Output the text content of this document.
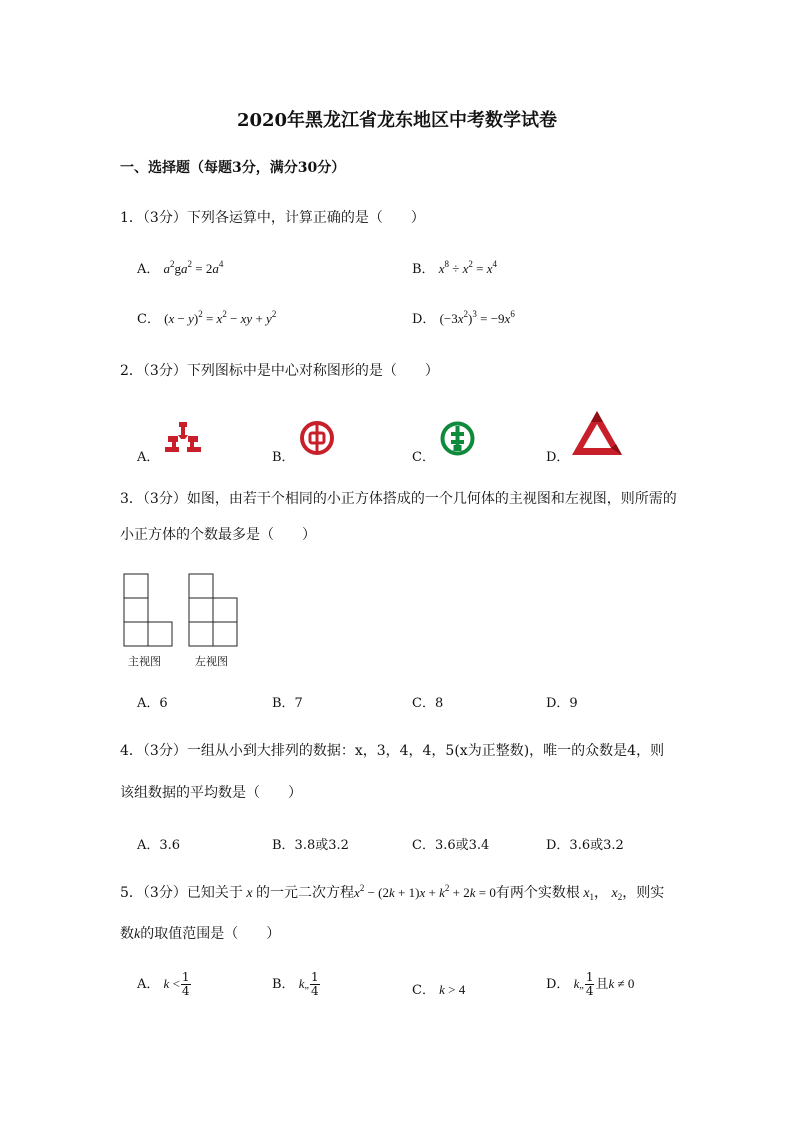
2020年黑龙江省龙东地区中考数学试卷
一、选择题（每题3分，满分30分）
1．（3分）下列各运算中，计算正确的是（　　）
A． $a^2ga^2 = 2a^4$	B． $x^8 \div x^2 = x^4$
C． $(x - y)^2 = x^2$ − xy + $y^2$	D． $(-3x^2)^3 = -9x^6$
2．（3分）下列图标中是中心对称图形的是（　　）
A．	B．	C．	D．
3．（3分）如图，由若干个相同的小正方体搭成的一个几何体的主视图和左视图，则所需的
小正方体的个数最多是（　　）
主视图	左视图
A．6	B．7	C．8	D．9
4．（3分）一组从小到大排列的数据：x，3，4，4，5(x为正整数)，唯一的众数是4，则
该组数据的平均数是（　　）
A．3.6	B．3.8或3.2	C．3.6或3.4	D．3.6或3.2
5．（3分）已知关于 x 的一元二次方程$x^2 - (2k + 1)x + k^2 + 2k = 0$有两个实数根 $x_1$， $x_2$，则实
数k的取值范围是（　　）
A． $k < \frac{1}{4}$	B． k„ $\frac{1}{4}$	C． k > 4	D． k„ $\frac{1}{4}$ 且k ≠ 0
